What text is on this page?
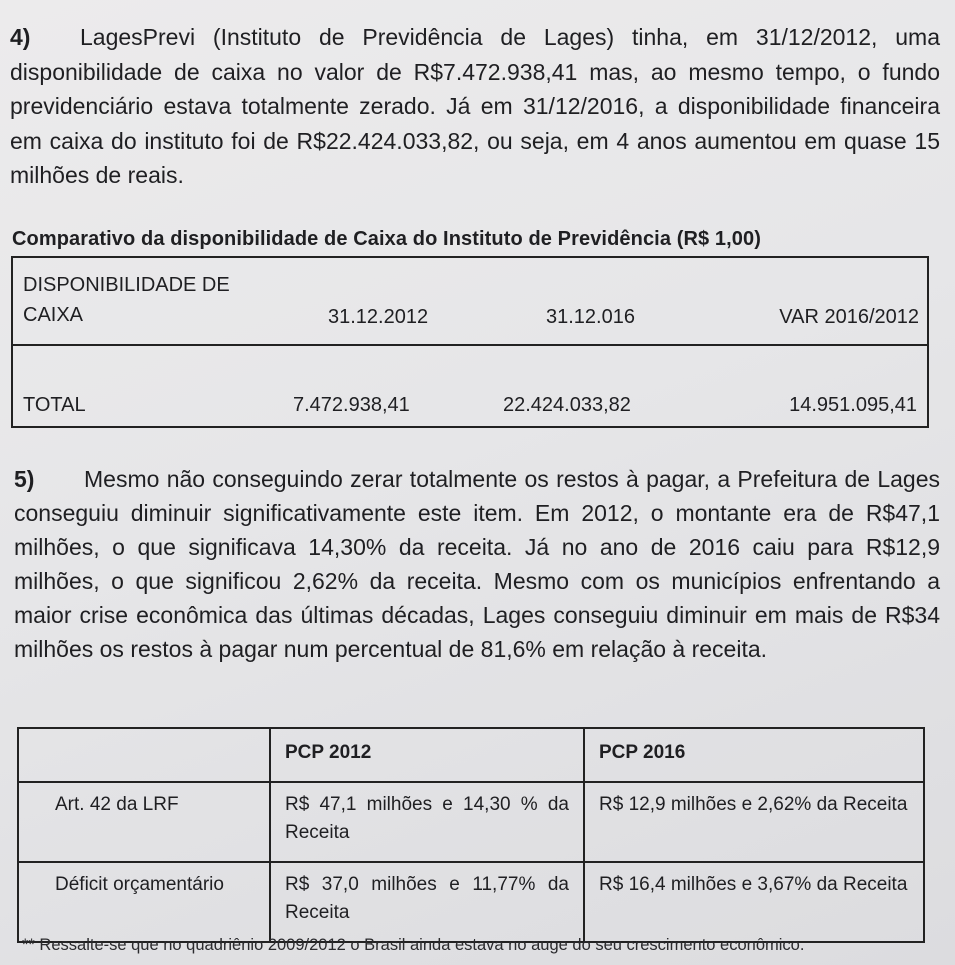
4) LagesPrevi (Instituto de Previdência de Lages) tinha, em 31/12/2012, uma disponibilidade de caixa no valor de R$7.472.938,41 mas, ao mesmo tempo, o fundo previdenciário estava totalmente zerado. Já em 31/12/2016, a disponibilidade financeira em caixa do instituto foi de R$22.424.033,82, ou seja, em 4 anos aumentou em quase 15 milhões de reais.

Comparativo da disponibilidade de Caixa do Instituto de Previdência (R$ 1,00)
DISPONIBILIDADE DE CAIXA	31.12.2012	31.12.016	VAR 2016/2012
TOTAL	7.472.938,41	22.424.033,82	14.951.095,41

5) Mesmo não conseguindo zerar totalmente os restos à pagar, a Prefeitura de Lages conseguiu diminuir significativamente este item. Em 2012, o montante era de R$47,1 milhões, o que significava 14,30% da receita. Já no ano de 2016 caiu para R$12,9 milhões, o que significou 2,62% da receita. Mesmo com os municípios enfrentando a maior crise econômica das últimas décadas, Lages conseguiu diminuir em mais de R$34 milhões os restos à pagar num percentual de 81,6% em relação à receita.

	PCP 2012	PCP 2016
Art. 42 da LRF	R$ 47,1 milhões e 14,30 % da Receita	R$ 12,9 milhões e 2,62% da Receita
Déficit orçamentário	R$ 37,0 milhões e 11,77% da Receita	R$ 16,4 milhões e 3,67% da Receita
** Ressalte-se que no quadriênio 2009/2012 o Brasil ainda estava no auge do seu crescimento econômico.
